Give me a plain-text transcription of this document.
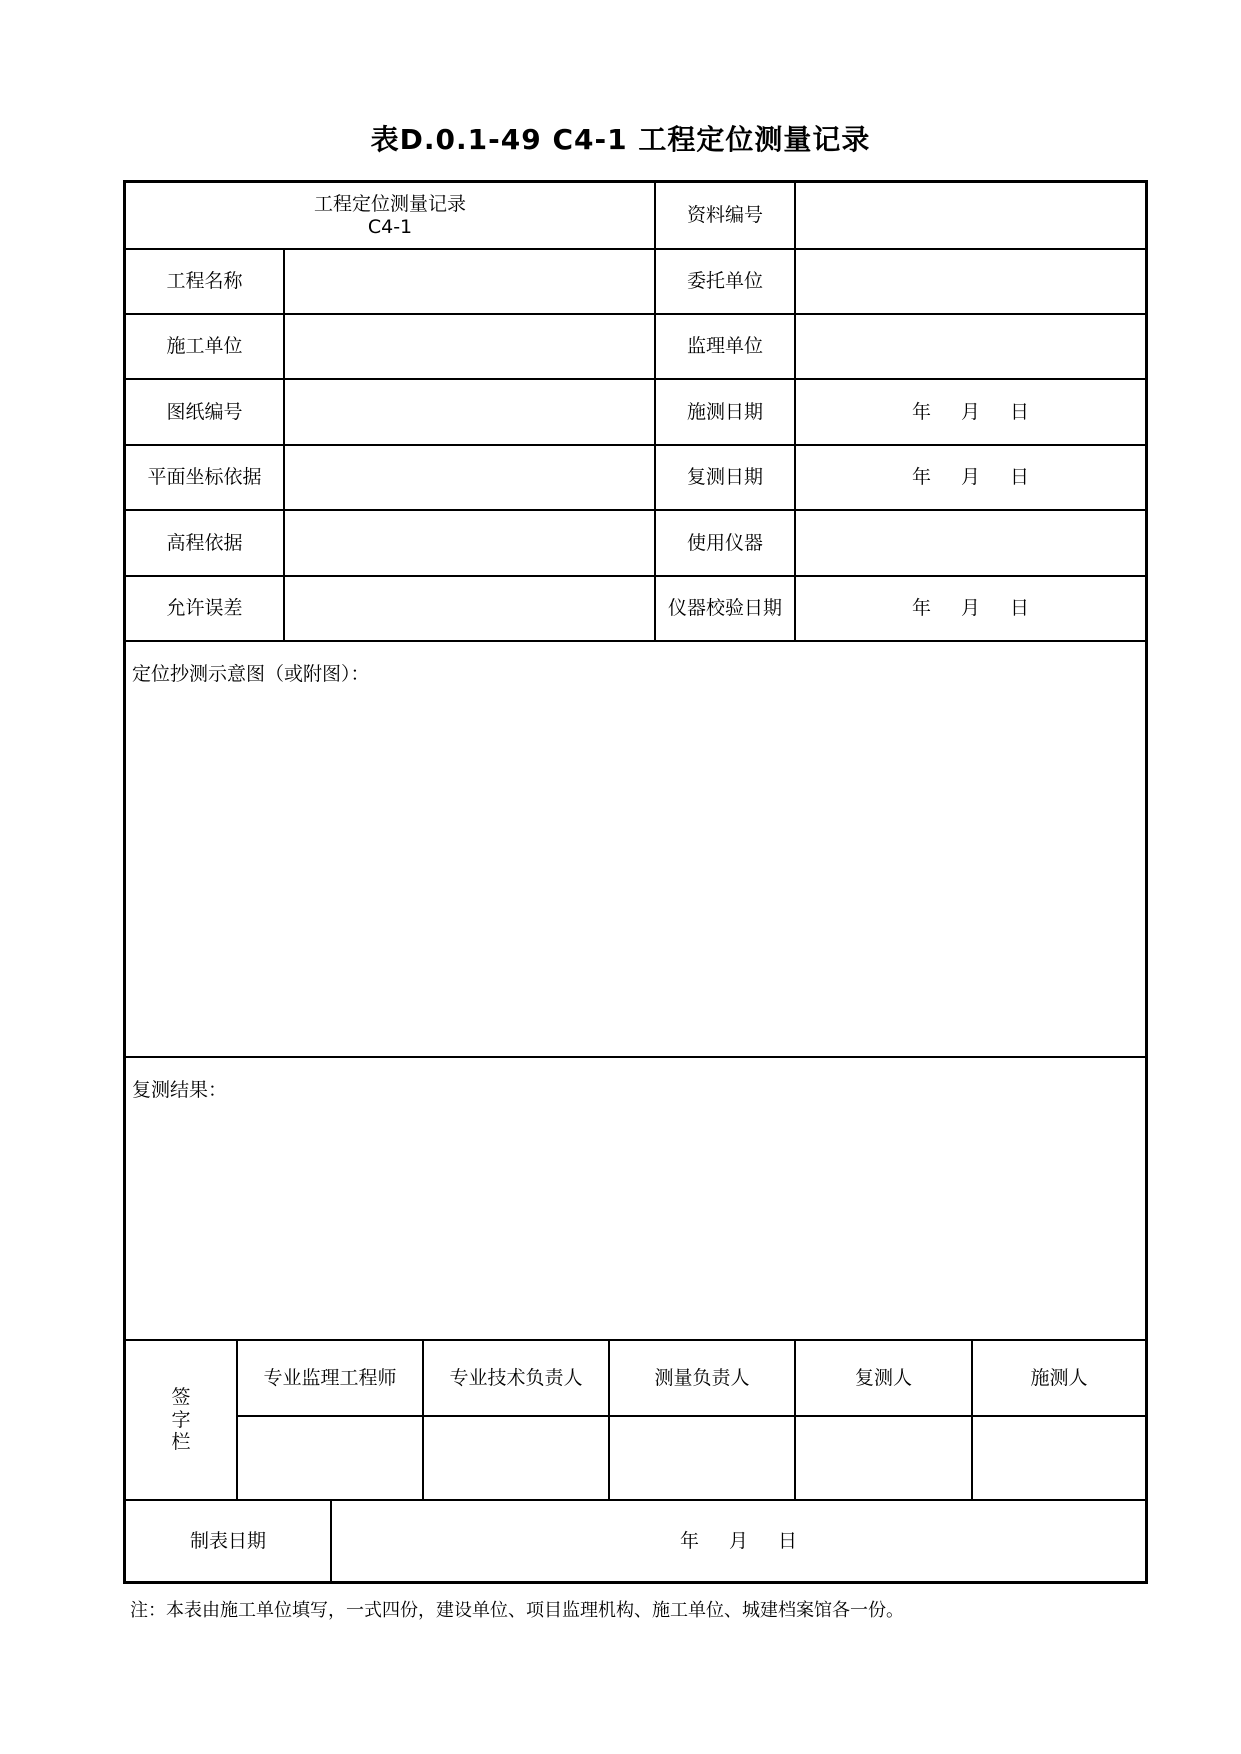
表D.0.1-49 C4-1 工程定位测量记录
工程定位测量记录
C4-1
资料编号
工程名称	委托单位
施工单位	监理单位
图纸编号	施测日期	年 月 日
平面坐标依据	复测日期	年 月 日
高程依据	使用仪器
允许误差	仪器校验日期	年 月 日
定位抄测示意图（或附图）：
复测结果：
签
字
栏
专业监理工程师	专业技术负责人	测量负责人	复测人	施测人
制表日期	年 月 日
注：本表由施工单位填写，一式四份，建设单位、项目监理机构、施工单位、城建档案馆各一份。
